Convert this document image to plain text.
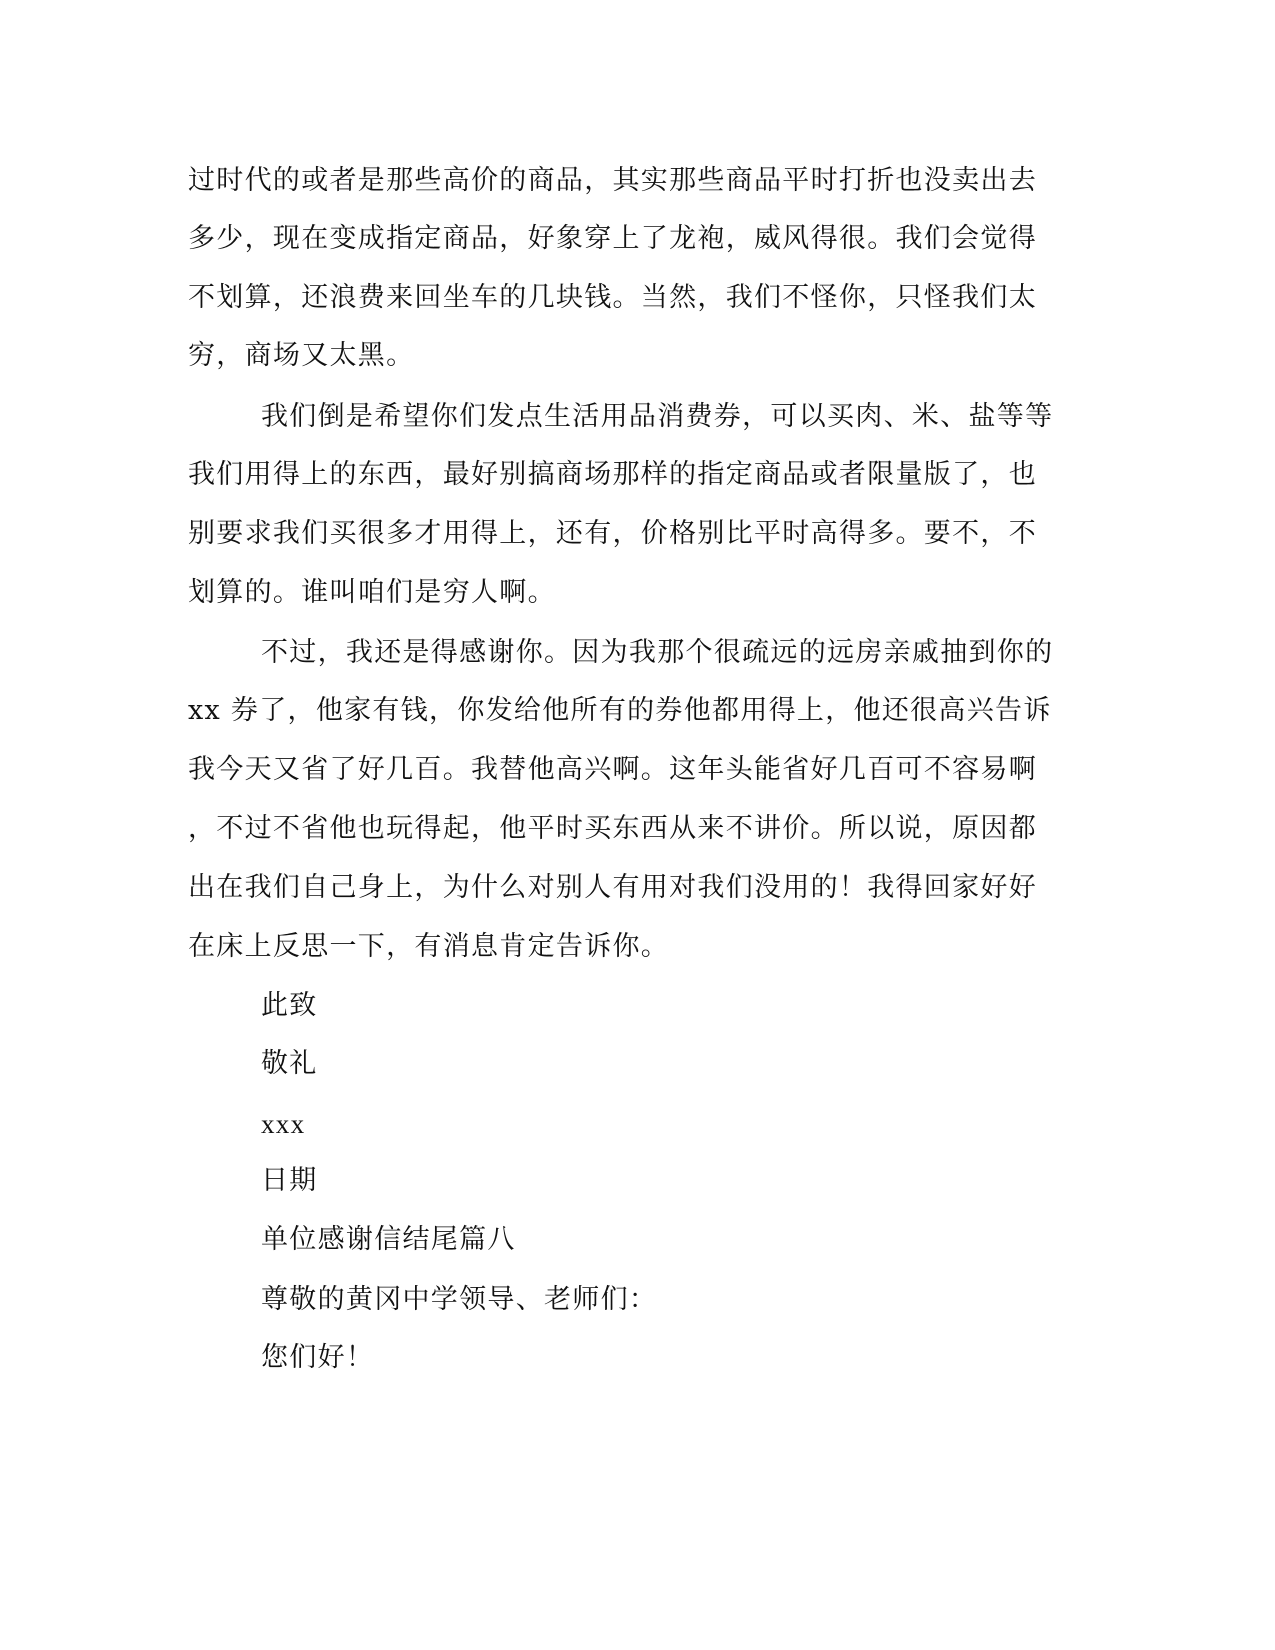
过时代的或者是那些高价的商品，其实那些商品平时打折也没卖出去
多少，现在变成指定商品，好象穿上了龙袍，威风得很。我们会觉得
不划算，还浪费来回坐车的几块钱。当然，我们不怪你，只怪我们太
穷，商场又太黑。
我们倒是希望你们发点生活用品消费券，可以买肉、米、盐等等
我们用得上的东西，最好别搞商场那样的指定商品或者限量版了，也
别要求我们买很多才用得上，还有，价格别比平时高得多。要不，不
划算的。谁叫咱们是穷人啊。
不过，我还是得感谢你。因为我那个很疏远的远房亲戚抽到你的
xx 券了，他家有钱，你发给他所有的券他都用得上，他还很高兴告诉
我今天又省了好几百。我替他高兴啊。这年头能省好几百可不容易啊
，不过不省他也玩得起，他平时买东西从来不讲价。所以说，原因都
出在我们自己身上，为什么对别人有用对我们没用的！我得回家好好
在床上反思一下，有消息肯定告诉你。
此致
敬礼
xxx
日期
单位感谢信结尾篇八
尊敬的黄冈中学领导、老师们：
您们好！
